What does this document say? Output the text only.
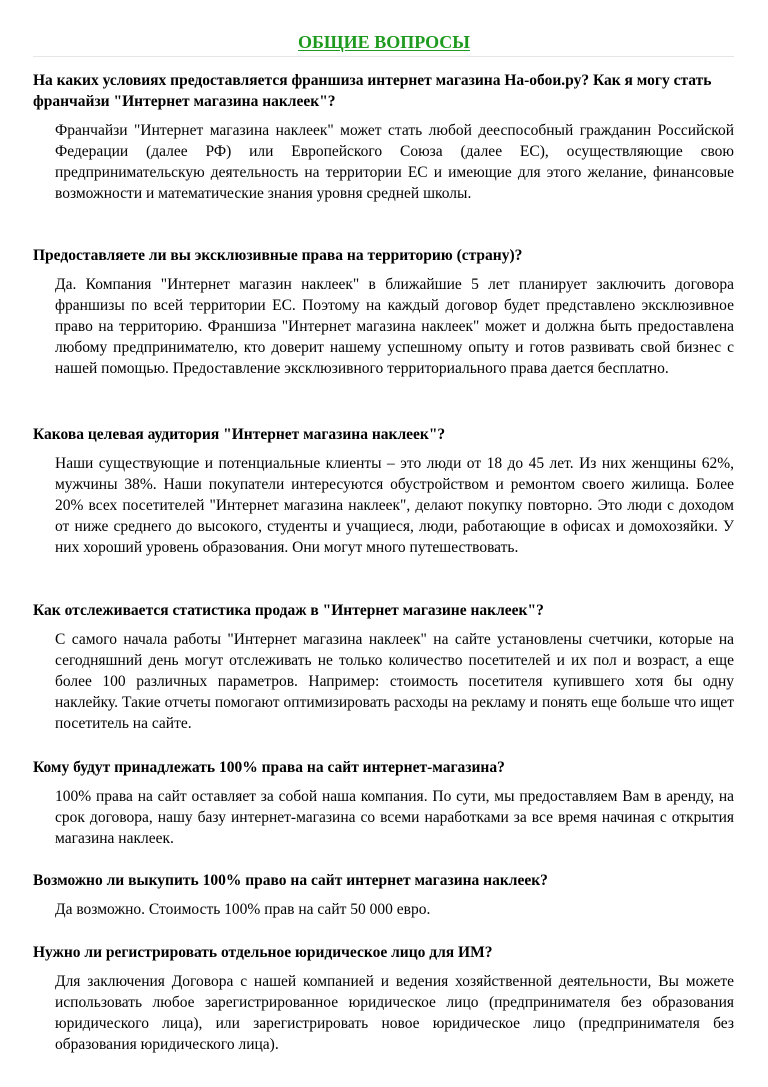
ОБЩИЕ ВОПРОСЫ

На каких условиях предоставляется франшиза интернет магазина На-обои.ру? Как я могу стать франчайзи "Интернет магазина наклеек"?

Франчайзи "Интернет магазина наклеек" может стать любой дееспособный гражданин Российской Федерации (далее РФ) или Европейского Союза (далее ЕС), осуществляющие свою предпринимательскую деятельность на территории ЕС и имеющие для этого желание, финансовые возможности и математические знания уровня средней школы.

Предоставляете ли вы эксклюзивные права на территорию (страну)?

Да. Компания "Интернет магазин наклеек" в ближайшие 5 лет планирует заключить договора франшизы по всей территории ЕС. Поэтому на каждый договор будет представлено эксклюзивное право на территорию. Франшиза "Интернет магазина наклеек" может и должна быть предоставлена любому предпринимателю, кто доверит нашему успешному опыту и готов развивать свой бизнес с нашей помощью. Предоставление эксклюзивного территориального права дается бесплатно.

Какова целевая аудитория "Интернет магазина наклеек"?

Наши существующие и потенциальные клиенты – это люди от 18 до 45 лет. Из них женщины 62%, мужчины 38%. Наши покупатели интересуются обустройством и ремонтом своего жилища. Более 20% всех посетителей "Интернет магазина наклеек", делают покупку повторно. Это люди с доходом от ниже среднего до высокого, студенты и учащиеся, люди, работающие в офисах и домохозяйки. У них хороший уровень образования. Они могут много путешествовать.

Как отслеживается статистика продаж в "Интернет магазине наклеек"?

С самого начала работы "Интернет магазина наклеек" на сайте установлены счетчики, которые на сегодняшний день могут отслеживать не только количество посетителей и их пол и возраст, а еще более 100 различных параметров. Например: стоимость посетителя купившего хотя бы одну наклейку. Такие отчеты помогают оптимизировать расходы на рекламу и понять еще больше что ищет посетитель на сайте.

Кому будут принадлежать 100% права на сайт интернет-магазина?

100% права на сайт оставляет за собой наша компания. По сути, мы предоставляем Вам в аренду, на срок договора, нашу базу интернет-магазина со всеми наработками за все время начиная с открытия магазина наклеек.

Возможно ли выкупить 100% право на сайт интернет магазина наклеек?

Да возможно. Стоимость 100% прав на сайт 50 000 евро.

Нужно ли регистрировать отдельное юридическое лицо для ИМ?

Для заключения Договора с нашей компанией и ведения хозяйственной деятельности, Вы можете использовать любое зарегистрированное юридическое лицо (предпринимателя без образования юридического лица), или зарегистрировать новое юридическое лицо (предпринимателя без образования юридического лица).
